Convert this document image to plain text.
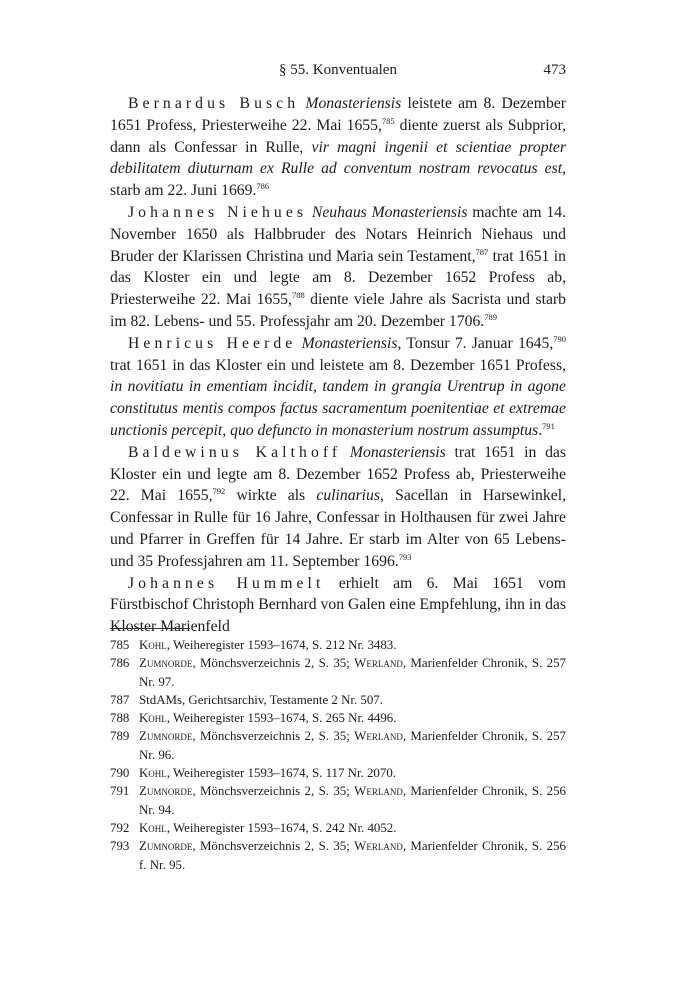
§ 55. Konventualen	473

Bernardus Busch Monasteriensis leistete am 8. Dezember 1651 Profess, Priesterweihe 22. Mai 1655,$^{785}$ diente zuerst als Subprior, dann als Confessar in Rulle, vir magni ingenii et scientiae propter debilitatem diuturnam ex Rulle ad conventum nostram revocatus est, starb am 22. Juni 1669.$^{786}$

Johannes Niehues Neuhaus Monasteriensis machte am 14. November 1650 als Halbbruder des Notars Heinrich Niehaus und Bruder der Klarissen Christina und Maria sein Testament,$^{787}$ trat 1651 in das Kloster ein und legte am 8. Dezember 1652 Profess ab, Priesterweihe 22. Mai 1655,$^{788}$ diente viele Jahre als Sacrista und starb im 82. Lebens- und 55. Professjahr am 20. Dezember 1706.$^{789}$

Henricus Heerde Monasteriensis, Tonsur 7. Januar 1645,$^{790}$ trat 1651 in das Kloster ein und leistete am 8. Dezember 1651 Profess, in novitiatu in ementiam incidit, tandem in grangia Urentrup in agone constitutus mentis compos factus sacramentum poenitentiae et extremae unctionis percepit, quo defuncto in monasterium nostrum assumptus.$^{791}$

Baldewinus Kalthoff Monasteriensis trat 1651 in das Kloster ein und legte am 8. Dezember 1652 Profess ab, Priesterweihe 22. Mai 1655,$^{792}$ wirkte als culinarius, Sacellan in Harsewinkel, Confessar in Rulle für 16 Jahre, Confessar in Holthausen für zwei Jahre und Pfarrer in Greffen für 14 Jahre. Er starb im Alter von 65 Lebens- und 35 Professjahren am 11. September 1696.$^{793}$

Johannes Hummelt erhielt am 6. Mai 1651 vom Fürstbischof Christoph Bernhard von Galen eine Empfehlung, ihn in das Kloster Marienfeld

785 Kohl, Weiheregister 1593–1674, S. 212 Nr. 3483.
786 Zumnorde, Mönchsverzeichnis 2, S. 35; Werland, Marienfelder Chronik, S. 257 Nr. 97.
787 StdAMs, Gerichtsarchiv, Testamente 2 Nr. 507.
788 Kohl, Weiheregister 1593–1674, S. 265 Nr. 4496.
789 Zumnorde, Mönchsverzeichnis 2, S. 35; Werland, Marienfelder Chronik, S. 257 Nr. 96.
790 Kohl, Weiheregister 1593–1674, S. 117 Nr. 2070.
791 Zumnorde, Mönchsverzeichnis 2, S. 35; Werland, Marienfelder Chronik, S. 256 Nr. 94.
792 Kohl, Weiheregister 1593–1674, S. 242 Nr. 4052.
793 Zumnorde, Mönchsverzeichnis 2, S. 35; Werland, Marienfelder Chronik, S. 256 f. Nr. 95.
